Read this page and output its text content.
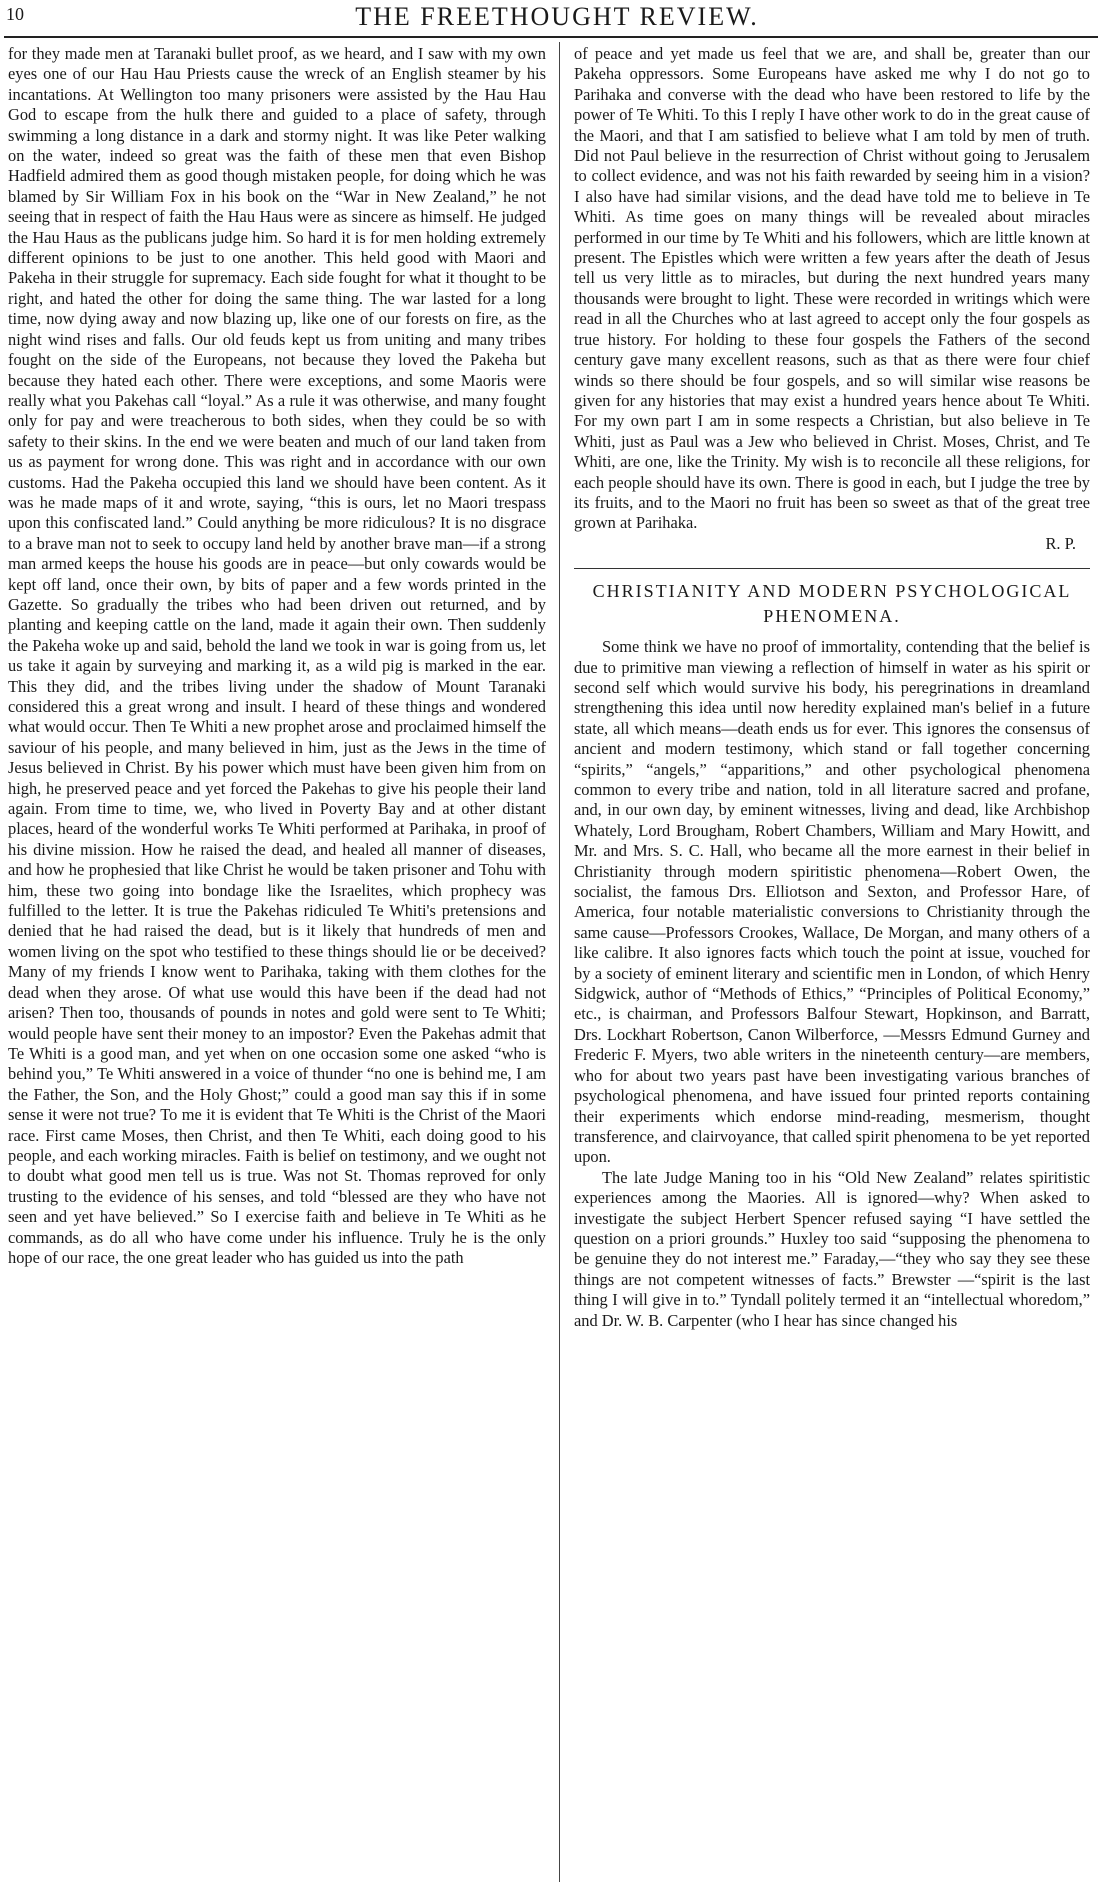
10	THE FREETHOUGHT REVIEW.

for they made men at Taranaki bullet proof, as we heard, and I saw with my own eyes one of our Hau Hau Priests cause the wreck of an English steamer by his incantations. At Wellington too many prisoners were assisted by the Hau Hau God to escape from the hulk there and guided to a place of safety, through swimming a long distance in a dark and stormy night. It was like Peter walking on the water, indeed so great was the faith of these men that even Bishop Hadfield admired them as good though mistaken people, for doing which he was blamed by Sir William Fox in his book on the “War in New Zealand,” he not seeing that in respect of faith the Hau Haus were as sincere as himself. He judged the Hau Haus as the publicans judge him. So hard it is for men holding extremely different opinions to be just to one another. This held good with Maori and Pakeha in their struggle for supremacy. Each side fought for what it thought to be right, and hated the other for doing the same thing. The war lasted for a long time, now dying away and now blazing up, like one of our forests on fire, as the night wind rises and falls. Our old feuds kept us from uniting and many tribes fought on the side of the Europeans, not because they loved the Pakeha but because they hated each other. There were exceptions, and some Maoris were really what you Pakehas call “loyal.” As a rule it was otherwise, and many fought only for pay and were treacherous to both sides, when they could be so with safety to their skins. In the end we were beaten and much of our land taken from us as payment for wrong done. This was right and in accordance with our own customs. Had the Pakeha occupied this land we should have been content. As it was he made maps of it and wrote, saying, “this is ours, let no Maori trespass upon this confiscated land.” Could anything be more ridiculous? It is no disgrace to a brave man not to seek to occupy land held by another brave man—if a strong man armed keeps the house his goods are in peace—but only cowards would be kept off land, once their own, by bits of paper and a few words printed in the Gazette. So gradually the tribes who had been driven out returned, and by planting and keeping cattle on the land, made it again their own. Then suddenly the Pakeha woke up and said, behold the land we took in war is going from us, let us take it again by surveying and marking it, as a wild pig is marked in the ear. This they did, and the tribes living under the shadow of Mount Taranaki considered this a great wrong and insult. I heard of these things and wondered what would occur. Then Te Whiti a new prophet arose and proclaimed himself the saviour of his people, and many believed in him, just as the Jews in the time of Jesus believed in Christ. By his power which must have been given him from on high, he preserved peace and yet forced the Pakehas to give his people their land again. From time to time, we, who lived in Poverty Bay and at other distant places, heard of the wonderful works Te Whiti performed at Parihaka, in proof of his divine mission. How he raised the dead, and healed all manner of diseases, and how he prophesied that like Christ he would be taken prisoner and Tohu with him, these two going into bondage like the Israelites, which prophecy was fulfilled to the letter. It is true the Pakehas ridiculed Te Whiti's pretensions and denied that he had raised the dead, but is it likely that hundreds of men and women living on the spot who testified to these things should lie or be deceived? Many of my friends I know went to Parihaka, taking with them clothes for the dead when they arose. Of what use would this have been if the dead had not arisen? Then too, thousands of pounds in notes and gold were sent to Te Whiti; would people have sent their money to an impostor? Even the Pakehas admit that Te Whiti is a good man, and yet when on one occasion some one asked “who is behind you,” Te Whiti answered in a voice of thunder “no one is behind me, I am the Father, the Son, and the Holy Ghost;” could a good man say this if in some sense it were not true? To me it is evident that Te Whiti is the Christ of the Maori race. First came Moses, then Christ, and then Te Whiti, each doing good to his people, and each working miracles. Faith is belief on testimony, and we ought not to doubt what good men tell us is true. Was not St. Thomas reproved for only trusting to the evidence of his senses, and told “blessed are they who have not seen and yet have believed.” So I exercise faith and believe in Te Whiti as he commands, as do all who have come under his influence. Truly he is the only hope of our race, the one great leader who has guided us into the path

of peace and yet made us feel that we are, and shall be, greater than our Pakeha oppressors. Some Europeans have asked me why I do not go to Parihaka and converse with the dead who have been restored to life by the power of Te Whiti. To this I reply I have other work to do in the great cause of the Maori, and that I am satisfied to believe what I am told by men of truth. Did not Paul believe in the resurrection of Christ without going to Jerusalem to collect evidence, and was not his faith rewarded by seeing him in a vision? I also have had similar visions, and the dead have told me to believe in Te Whiti. As time goes on many things will be revealed about miracles performed in our time by Te Whiti and his followers, which are little known at present. The Epistles which were written a few years after the death of Jesus tell us very little as to miracles, but during the next hundred years many thousands were brought to light. These were recorded in writings which were read in all the Churches who at last agreed to accept only the four gospels as true history. For holding to these four gospels the Fathers of the second century gave many excellent reasons, such as that as there were four chief winds so there should be four gospels, and so will similar wise reasons be given for any histories that may exist a hundred years hence about Te Whiti. For my own part I am in some respects a Christian, but also believe in Te Whiti, just as Paul was a Jew who believed in Christ. Moses, Christ, and Te Whiti, are one, like the Trinity. My wish is to reconcile all these religions, for each people should have its own. There is good in each, but I judge the tree by its fruits, and to the Maori no fruit has been so sweet as that of the great tree grown at Parihaka.

R. P.

CHRISTIANITY AND MODERN PSYCHOLOGICAL PHENOMENA.

Some think we have no proof of immortality, contending that the belief is due to primitive man viewing a reflection of himself in water as his spirit or second self which would survive his body, his peregrinations in dreamland strengthening this idea until now heredity explained man's belief in a future state, all which means—death ends us for ever. This ignores the consensus of ancient and modern testimony, which stand or fall together concerning “spirits,” “angels,” “apparitions,” and other psychological phenomena common to every tribe and nation, told in all literature sacred and profane, and, in our own day, by eminent witnesses, living and dead, like Archbishop Whately, Lord Brougham, Robert Chambers, William and Mary Howitt, and Mr. and Mrs. S. C. Hall, who became all the more earnest in their belief in Christianity through modern spiritistic phenomena—Robert Owen, the socialist, the famous Drs. Elliotson and Sexton, and Professor Hare, of America, four notable materialistic conversions to Christianity through the same cause—Professors Crookes, Wallace, De Morgan, and many others of a like calibre. It also ignores facts which touch the point at issue, vouched for by a society of eminent literary and scientific men in London, of which Henry Sidgwick, author of “Methods of Ethics,” “Principles of Political Economy,” etc., is chairman, and Professors Balfour Stewart, Hopkinson, and Barratt, Drs. Lockhart Robertson, Canon Wilberforce, —Messrs Edmund Gurney and Frederic F. Myers, two able writers in the nineteenth century—are members, who for about two years past have been investigating various branches of psychological phenomena, and have issued four printed reports containing their experiments which endorse mind-reading, mesmerism, thought transference, and clairvoyance, that called spirit phenomena to be yet reported upon.

The late Judge Maning too in his “Old New Zealand” relates spiritistic experiences among the Maories. All is ignored—why? When asked to investigate the subject Herbert Spencer refused saying “I have settled the question on a priori grounds.” Huxley too said “supposing the phenomena to be genuine they do not interest me.” Faraday,—“they who say they see these things are not competent witnesses of facts.” Brewster —“spirit is the last thing I will give in to.” Tyndall politely termed it an “intellectual whoredom,” and Dr. W. B. Carpenter (who I hear has since changed his
